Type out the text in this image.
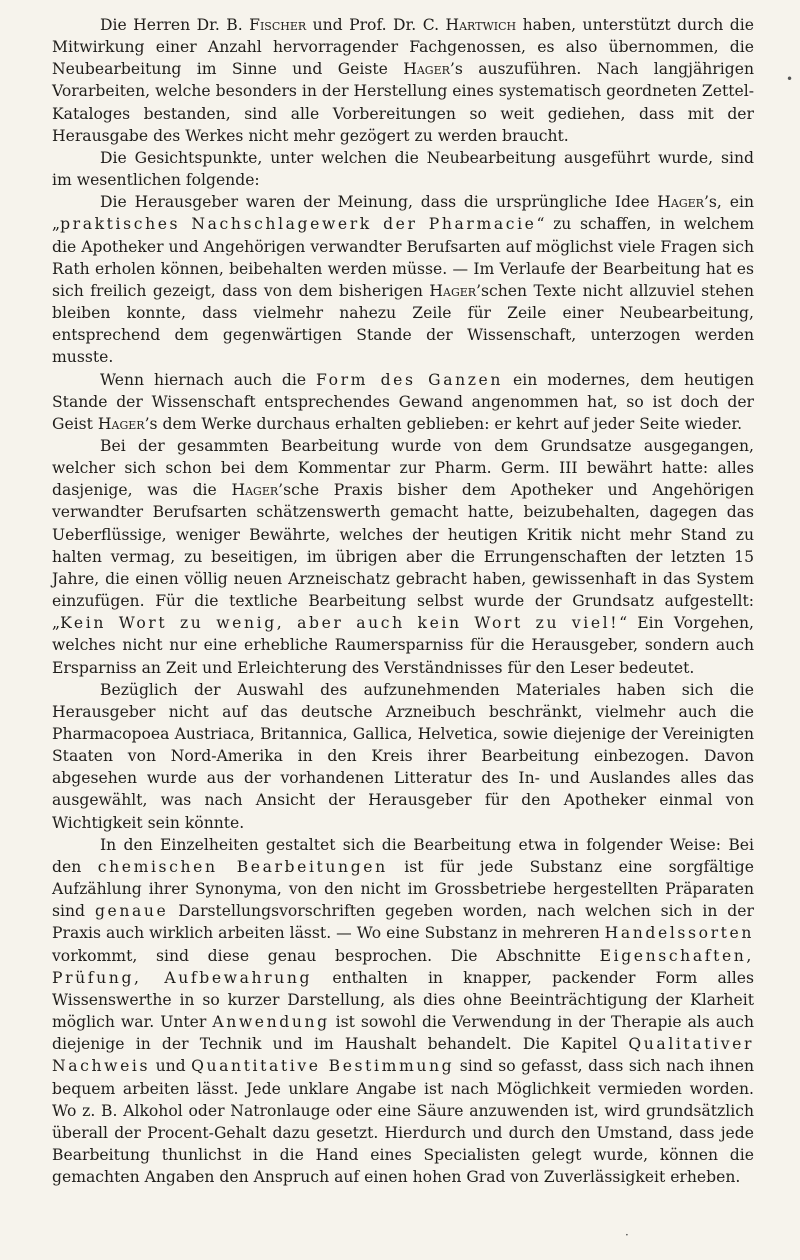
Die Herren Dr. B. Fischer und Prof. Dr. C. Hartwich haben, unterstützt durch die Mitwirkung einer Anzahl hervorragender Fachgenossen, es also übernommen, die Neubearbeitung im Sinne und Geiste Hager’s auszuführen. Nach langjährigen Vorarbeiten, welche besonders in der Herstellung eines systematisch geordneten Zettel-Kataloges bestanden, sind alle Vorbereitungen so weit gediehen, dass mit der Herausgabe des Werkes nicht mehr gezögert zu werden braucht.

Die Gesichtspunkte, unter welchen die Neubearbeitung ausgeführt wurde, sind im wesentlichen folgende:

Die Herausgeber waren der Meinung, dass die ursprüngliche Idee Hager’s, ein „praktisches Nachschlagewerk der Pharmacie“ zu schaffen, in welchem die Apotheker und Angehörigen verwandter Berufsarten auf möglichst viele Fragen sich Rath erholen können, beibehalten werden müsse. — Im Verlaufe der Bearbeitung hat es sich freilich gezeigt, dass von dem bisherigen Hager’schen Texte nicht allzuviel stehen bleiben konnte, dass vielmehr nahezu Zeile für Zeile einer Neubearbeitung, entsprechend dem gegenwärtigen Stande der Wissenschaft, unterzogen werden musste.

Wenn hiernach auch die Form des Ganzen ein modernes, dem heutigen Stande der Wissenschaft entsprechendes Gewand angenommen hat, so ist doch der Geist Hager’s dem Werke durchaus erhalten geblieben: er kehrt auf jeder Seite wieder.

Bei der gesammten Bearbeitung wurde von dem Grundsatze ausgegangen, welcher sich schon bei dem Kommentar zur Pharm. Germ. III bewährt hatte: alles dasjenige, was die Hager’sche Praxis bisher dem Apotheker und Angehörigen verwandter Berufsarten schätzenswerth gemacht hatte, beizubehalten, dagegen das Ueberflüssige, weniger Bewährte, welches der heutigen Kritik nicht mehr Stand zu halten vermag, zu beseitigen, im übrigen aber die Errungenschaften der letzten 15 Jahre, die einen völlig neuen Arzneischatz gebracht haben, gewissenhaft in das System einzufügen. Für die textliche Bearbeitung selbst wurde der Grundsatz aufgestellt: „Kein Wort zu wenig, aber auch kein Wort zu viel!“ Ein Vorgehen, welches nicht nur eine erhebliche Raumersparniss für die Herausgeber, sondern auch Ersparniss an Zeit und Erleichterung des Verständnisses für den Leser bedeutet.

Bezüglich der Auswahl des aufzunehmenden Materiales haben sich die Herausgeber nicht auf das deutsche Arzneibuch beschränkt, vielmehr auch die Pharmacopoea Austriaca, Britannica, Gallica, Helvetica, sowie diejenige der Vereinigten Staaten von Nord-Amerika in den Kreis ihrer Bearbeitung einbezogen. Davon abgesehen wurde aus der vorhandenen Litteratur des In- und Auslandes alles das ausgewählt, was nach Ansicht der Herausgeber für den Apotheker einmal von Wichtigkeit sein könnte.

In den Einzelheiten gestaltet sich die Bearbeitung etwa in folgender Weise: Bei den chemischen Bearbeitungen ist für jede Substanz eine sorgfältige Aufzählung ihrer Synonyma, von den nicht im Grossbetriebe hergestellten Präparaten sind genaue Darstellungsvorschriften gegeben worden, nach welchen sich in der Praxis auch wirklich arbeiten lässt. — Wo eine Substanz in mehreren Handelssorten vorkommt, sind diese genau besprochen. Die Abschnitte Eigenschaften, Prüfung, Aufbewahrung enthalten in knapper, packender Form alles Wissenswerthe in so kurzer Darstellung, als dies ohne Beeinträchtigung der Klarheit möglich war. Unter Anwendung ist sowohl die Verwendung in der Therapie als auch diejenige in der Technik und im Haushalt behandelt. Die Kapitel Qualitativer Nachweis und Quantitative Bestimmung sind so gefasst, dass sich nach ihnen bequem arbeiten lässt. Jede unklare Angabe ist nach Möglichkeit vermieden worden. Wo z. B. Alkohol oder Natronlauge oder eine Säure anzuwenden ist, wird grundsätzlich überall der Procent-Gehalt dazu gesetzt. Hierdurch und durch den Umstand, dass jede Bearbeitung thunlichst in die Hand eines Specialisten gelegt wurde, können die gemachten Angaben den Anspruch auf einen hohen Grad von Zuverlässigkeit erheben.

•
·
